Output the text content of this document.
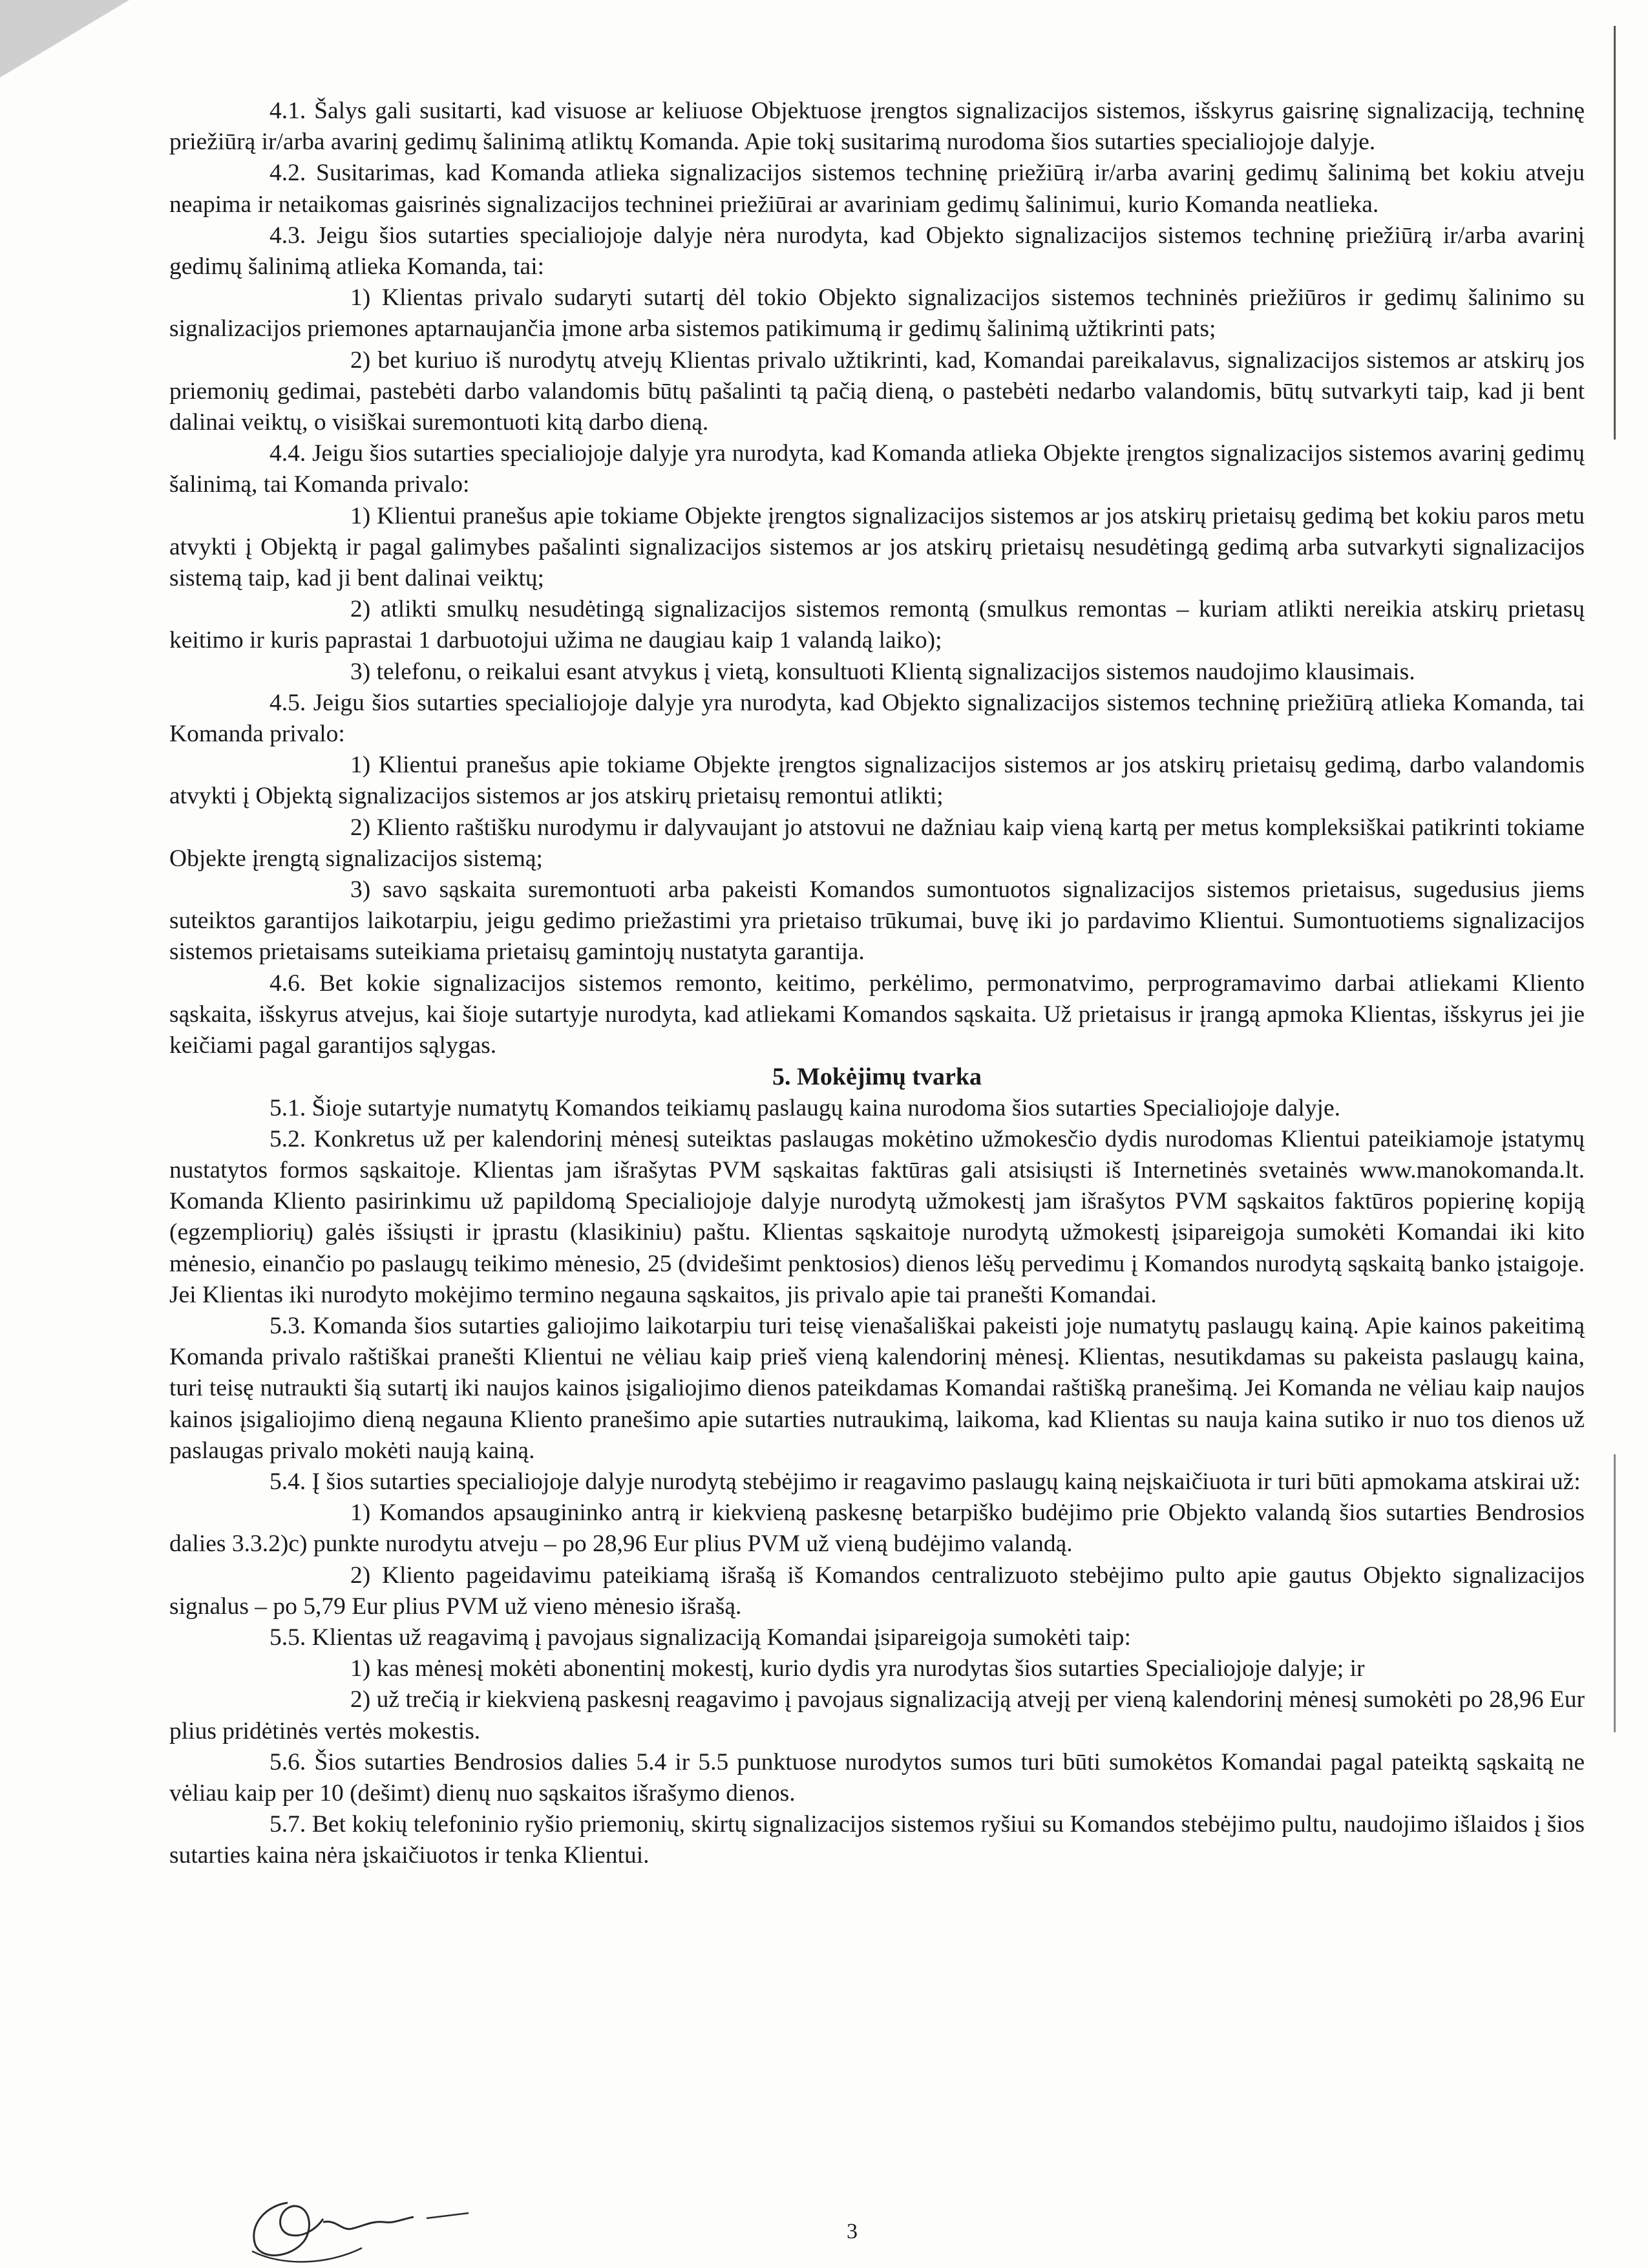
4.1. Šalys gali susitarti, kad visuose ar keliuose Objektuose įrengtos signalizacijos sistemos, išskyrus gaisrinę signalizaciją, techninę priežiūrą ir/arba avarinį gedimų šalinimą atliktų Komanda. Apie tokį susitarimą nurodoma šios sutarties specialiojoje dalyje.

4.2. Susitarimas, kad Komanda atlieka signalizacijos sistemos techninę priežiūrą ir/arba avarinį gedimų šalinimą bet kokiu atveju neapima ir netaikomas gaisrinės signalizacijos techninei priežiūrai ar avariniam gedimų šalinimui, kurio Komanda neatlieka.

4.3. Jeigu šios sutarties specialiojoje dalyje nėra nurodyta, kad Objekto signalizacijos sistemos techninę priežiūrą ir/arba avarinį gedimų šalinimą atlieka Komanda, tai:

1) Klientas privalo sudaryti sutartį dėl tokio Objekto signalizacijos sistemos techninės priežiūros ir gedimų šalinimo su signalizacijos priemones aptarnaujančia įmone arba sistemos patikimumą ir gedimų šalinimą užtikrinti pats;

2) bet kuriuo iš nurodytų atvejų Klientas privalo užtikrinti, kad, Komandai pareikalavus, signalizacijos sistemos ar atskirų jos priemonių gedimai, pastebėti darbo valandomis būtų pašalinti tą pačią dieną, o pastebėti nedarbo valandomis, būtų sutvarkyti taip, kad ji bent dalinai veiktų, o visiškai suremontuoti kitą darbo dieną.

4.4. Jeigu šios sutarties specialiojoje dalyje yra nurodyta, kad Komanda atlieka Objekte įrengtos signalizacijos sistemos avarinį gedimų šalinimą, tai Komanda privalo:

1) Klientui pranešus apie tokiame Objekte įrengtos signalizacijos sistemos ar jos atskirų prietaisų gedimą bet kokiu paros metu atvykti į Objektą ir pagal galimybes pašalinti signalizacijos sistemos ar jos atskirų prietaisų nesudėtingą gedimą arba sutvarkyti signalizacijos sistemą taip, kad ji bent dalinai veiktų;

2) atlikti smulkų nesudėtingą signalizacijos sistemos remontą (smulkus remontas – kuriam atlikti nereikia atskirų prietasų keitimo ir kuris paprastai 1 darbuotojui užima ne daugiau kaip 1 valandą laiko);

3) telefonu, o reikalui esant atvykus į vietą, konsultuoti Klientą signalizacijos sistemos naudojimo klausimais.

4.5. Jeigu šios sutarties specialiojoje dalyje yra nurodyta, kad Objekto signalizacijos sistemos techninę priežiūrą atlieka Komanda, tai Komanda privalo:

1) Klientui pranešus apie tokiame Objekte įrengtos signalizacijos sistemos ar jos atskirų prietaisų gedimą, darbo valandomis atvykti į Objektą signalizacijos sistemos ar jos atskirų prietaisų remontui atlikti;

2) Kliento raštišku nurodymu ir dalyvaujant jo atstovui ne dažniau kaip vieną kartą per metus kompleksiškai patikrinti tokiame Objekte įrengtą signalizacijos sistemą;

3) savo sąskaita suremontuoti arba pakeisti Komandos sumontuotos signalizacijos sistemos prietaisus, sugedusius jiems suteiktos garantijos laikotarpiu, jeigu gedimo priežastimi yra prietaiso trūkumai, buvę iki jo pardavimo Klientui. Sumontuotiems signalizacijos sistemos prietaisams suteikiama prietaisų gamintojų nustatyta garantija.

4.6. Bet kokie signalizacijos sistemos remonto, keitimo, perkėlimo, permonatvimo, perprogramavimo darbai atliekami Kliento sąskaita, išskyrus atvejus, kai šioje sutartyje nurodyta, kad atliekami Komandos sąskaita. Už prietaisus ir įrangą apmoka Klientas, išskyrus jei jie keičiami pagal garantijos sąlygas.

5. Mokėjimų tvarka

5.1. Šioje sutartyje numatytų Komandos teikiamų paslaugų kaina nurodoma šios sutarties Specialiojoje dalyje.

5.2. Konkretus už per kalendorinį mėnesį suteiktas paslaugas mokėtino užmokesčio dydis nurodomas Klientui pateikiamoje įstatymų nustatytos formos sąskaitoje. Klientas jam išrašytas PVM sąskaitas faktūras gali atsisiųsti iš Internetinės svetainės www.manokomanda.lt. Komanda Kliento pasirinkimu už papildomą Specialiojoje dalyje nurodytą užmokestį jam išrašytos PVM sąskaitos faktūros popierinę kopiją (egzempliorių) galės išsiųsti ir įprastu (klasikiniu) paštu. Klientas sąskaitoje nurodytą užmokestį įsipareigoja sumokėti Komandai iki kito mėnesio, einančio po paslaugų teikimo mėnesio, 25 (dvidešimt penktosios) dienos lėšų pervedimu į Komandos nurodytą sąskaitą banko įstaigoje. Jei Klientas iki nurodyto mokėjimo termino negauna sąskaitos, jis privalo apie tai pranešti Komandai.

5.3. Komanda šios sutarties galiojimo laikotarpiu turi teisę vienašališkai pakeisti joje numatytų paslaugų kainą. Apie kainos pakeitimą Komanda privalo raštiškai pranešti Klientui ne vėliau kaip prieš vieną kalendorinį mėnesį. Klientas, nesutikdamas su pakeista paslaugų kaina, turi teisę nutraukti šią sutartį iki naujos kainos įsigaliojimo dienos pateikdamas Komandai raštišką pranešimą. Jei Komanda ne vėliau kaip naujos kainos įsigaliojimo dieną negauna Kliento pranešimo apie sutarties nutraukimą, laikoma, kad Klientas su nauja kaina sutiko ir nuo tos dienos už paslaugas privalo mokėti naują kainą.

5.4. Į šios sutarties specialiojoje dalyje nurodytą stebėjimo ir reagavimo paslaugų kainą neįskaičiuota ir turi būti apmokama atskirai už:

1) Komandos apsaugininko antrą ir kiekvieną paskesnę betarpiško budėjimo prie Objekto valandą šios sutarties Bendrosios dalies 3.3.2)c) punkte nurodytu atveju – po 28,96 Eur plius PVM už vieną budėjimo valandą.

2) Kliento pageidavimu pateikiamą išrašą iš Komandos centralizuoto stebėjimo pulto apie gautus Objekto signalizacijos signalus – po 5,79 Eur plius PVM už vieno mėnesio išrašą.

5.5. Klientas už reagavimą į pavojaus signalizaciją Komandai įsipareigoja sumokėti taip:

1) kas mėnesį mokėti abonentinį mokestį, kurio dydis yra nurodytas šios sutarties Specialiojoje dalyje; ir

2) už trečią ir kiekvieną paskesnį reagavimo į pavojaus signalizaciją atvejį per vieną kalendorinį mėnesį sumokėti po 28,96 Eur plius pridėtinės vertės mokestis.

5.6. Šios sutarties Bendrosios dalies 5.4 ir 5.5 punktuose nurodytos sumos turi būti sumokėtos Komandai pagal pateiktą sąskaitą ne vėliau kaip per 10 (dešimt) dienų nuo sąskaitos išrašymo dienos.

5.7. Bet kokių telefoninio ryšio priemonių, skirtų signalizacijos sistemos ryšiui su Komandos stebėjimo pultu, naudojimo išlaidos į šios sutarties kaina nėra įskaičiuotos ir tenka Klientui.

3
